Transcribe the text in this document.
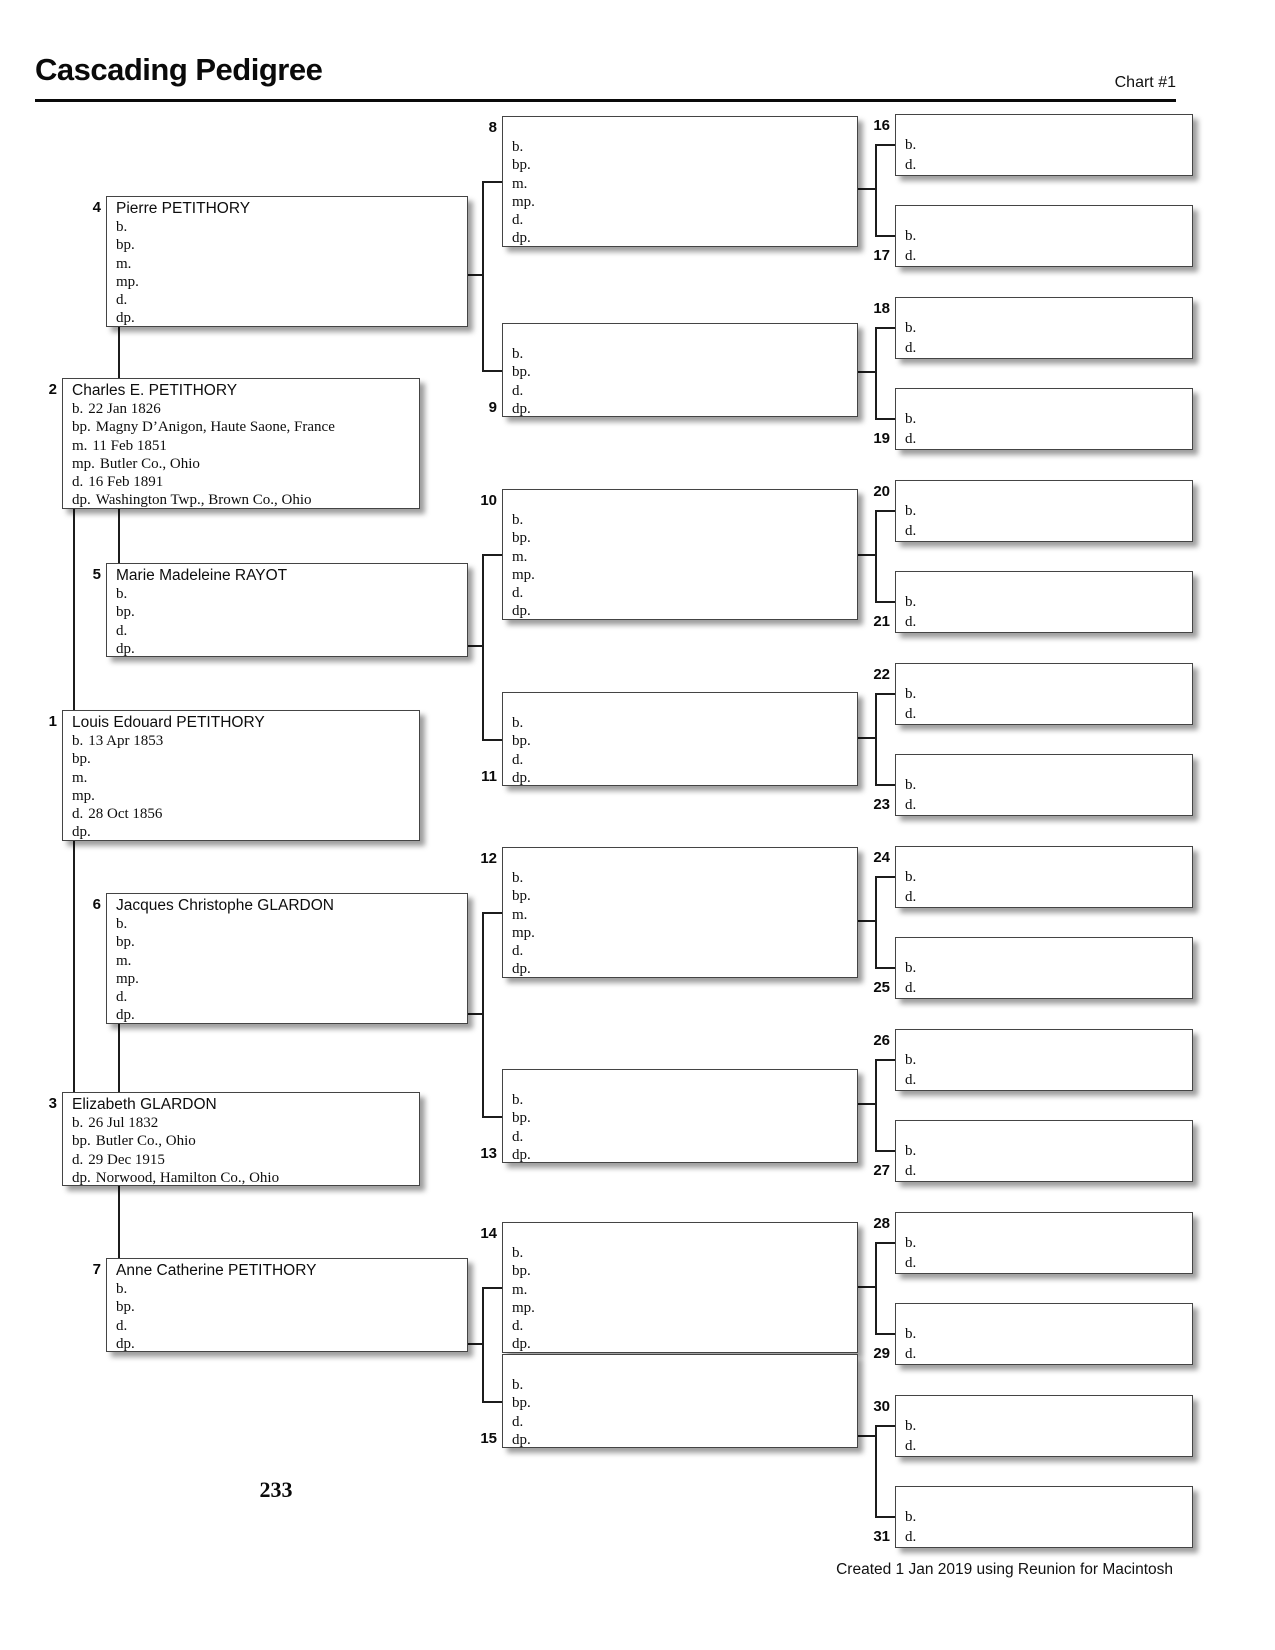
Cascading Pedigree	Chart #1
1 Louis Edouard PETITHORY
b. 13 Apr 1853
bp.
m.
mp.
d. 28 Oct 1856
dp.
2 Charles E. PETITHORY
b. 22 Jan 1826
bp. Magny D’Anigon, Haute Saone, France
m. 11 Feb 1851
mp. Butler Co., Ohio
d. 16 Feb 1891
dp. Washington Twp., Brown Co., Ohio
3 Elizabeth GLARDON
b. 26 Jul 1832
bp. Butler Co., Ohio
d. 29 Dec 1915
dp. Norwood, Hamilton Co., Ohio
4 Pierre PETITHORY
b.
bp.
m.
mp.
d.
dp.
5 Marie Madeleine RAYOT
b.
bp.
d.
dp.
6 Jacques Christophe GLARDON
b.
bp.
m.
mp.
d.
dp.
7 Anne Catherine PETITHORY
b.
bp.
d.
dp.
8
b.
bp.
m.
mp.
d.
dp.
9
b.
bp.
d.
dp.
10
b.
bp.
m.
mp.
d.
dp.
11
b.
bp.
d.
dp.
12
b.
bp.
m.
mp.
d.
dp.
13
b.
bp.
d.
dp.
14
b.
bp.
m.
mp.
d.
dp.
15
b.
bp.
d.
dp.
16
b.
d.
17
b.
d.
18
b.
d.
19
b.
d.
20
b.
d.
21
b.
d.
22
b.
d.
23
b.
d.
24
b.
d.
25
b.
d.
26
b.
d.
27
b.
d.
28
b.
d.
29
b.
d.
30
b.
d.
31
b.
d.
233
Created 1 Jan 2019 using Reunion for Macintosh
